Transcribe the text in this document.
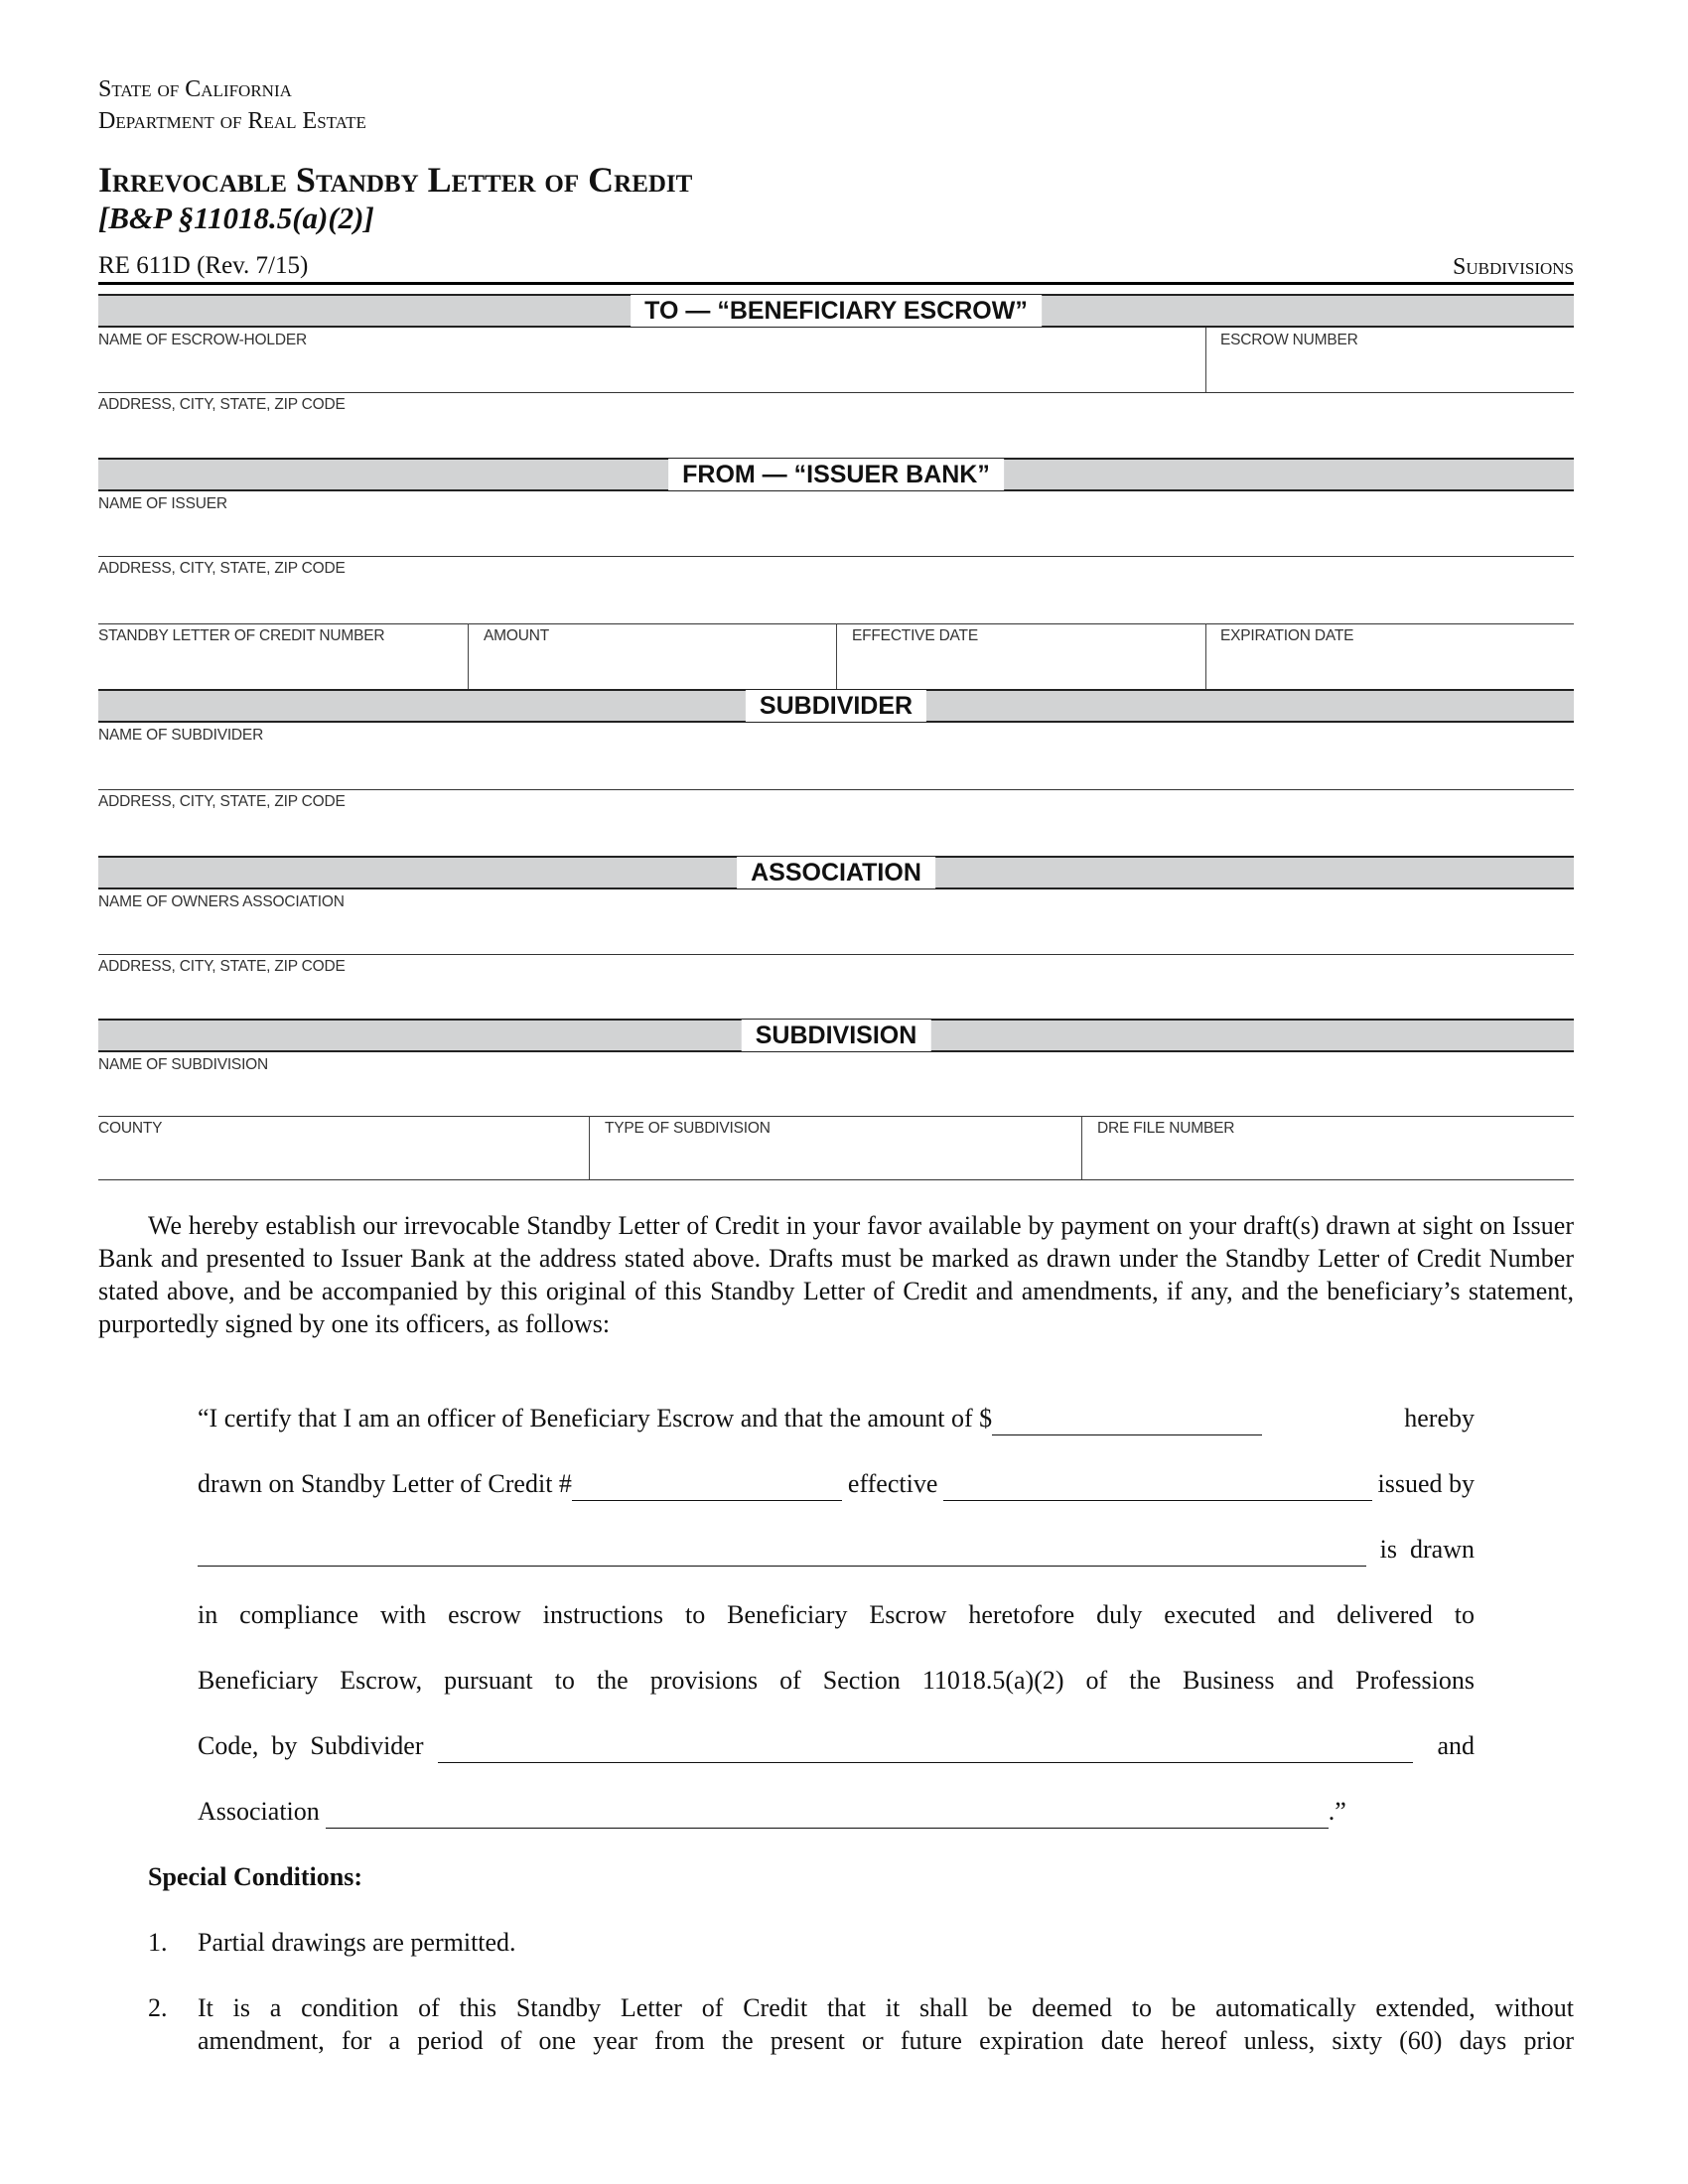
State of California
Department of Real Estate
Irrevocable Standby Letter of Credit
[B&P §11018.5(a)(2)]
RE 611D (Rev. 7/15)	Subdivisions
TO — “BENEFICIARY ESCROW”
NAME OF ESCROW-HOLDER	ESCROW NUMBER
ADDRESS, CITY, STATE, ZIP CODE
FROM — “ISSUER BANK”
NAME OF ISSUER
ADDRESS, CITY, STATE, ZIP CODE
STANDBY LETTER OF CREDIT NUMBER	AMOUNT	EFFECTIVE DATE	EXPIRATION DATE
SUBDIVIDER
NAME OF SUBDIVIDER
ADDRESS, CITY, STATE, ZIP CODE
ASSOCIATION
NAME OF OWNERS ASSOCIATION
ADDRESS, CITY, STATE, ZIP CODE
SUBDIVISION
NAME OF SUBDIVISION
COUNTY	TYPE OF SUBDIVISION	DRE FILE NUMBER
We hereby establish our irrevocable Standby Letter of Credit in your favor available by payment on your draft(s) drawn at sight on Issuer Bank and presented to Issuer Bank at the address stated above. Drafts must be marked as drawn under the Standby Letter of Credit Number stated above, and be accompanied by this original of this Standby Letter of Credit and amendments, if any, and the beneficiary’s statement, purportedly signed by one its officers, as follows:
“I certify that I am an officer of Beneficiary Escrow and that the amount of $	hereby
drawn on Standby Letter of Credit #	effective	issued by
is  drawn
in compliance with escrow instructions to Beneficiary Escrow heretofore duly executed and delivered to
Beneficiary Escrow, pursuant to the provisions of Section 11018.5(a)(2) of the Business and Professions
Code,  by  Subdivider	and
Association	.”
Special Conditions:
1. Partial drawings are permitted.
2. It is a condition of this Standby Letter of Credit that it shall be deemed to be automatically extended, without
amendment, for a period of one year from the present or future expiration date hereof unless, sixty (60) days prior
